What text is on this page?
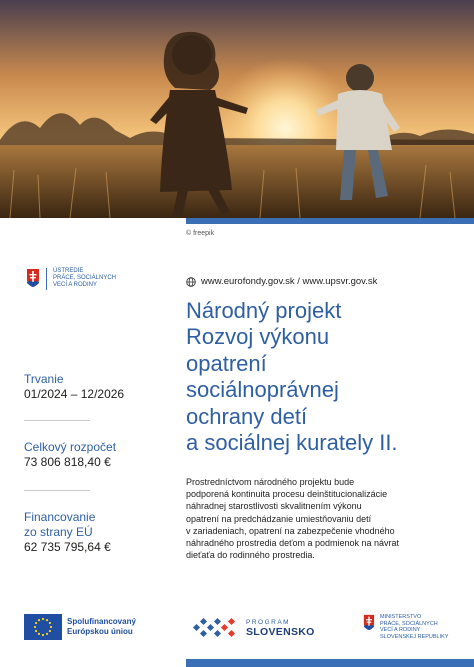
© freepik
ÚSTREDIE
PRÁCE, SOCIÁLNYCH
VECÍ A RODINY	www.eurofondy.gov.sk / www.upsvr.gov.sk
Národný projekt
Rozvoj výkonu
opatrení
sociálnoprávnej
ochrany detí
a sociálnej kurately II.
Trvanie
01/2024 – 12/2026
Celkový rozpočet
73 806 818,40 €
Financovanie
zo strany EÚ
62 735 795,64 €
Prostredníctvom národného projektu bude
podporená kontinuita procesu deinštitucionalizácie
náhradnej starostlivosti skvalitnením výkonu
opatrení na predchádzanie umiestňovaniu detí
v zariadeniach, opatrení na zabezpečenie vhodného
náhradného prostredia deťom a podmienok na návrat
dieťaťa do rodinného prostredia.
Spolufinancovaný
Európskou úniou
PROGRAM
SLOVENSKO
MINISTERSTVO
PRÁCE, SOCIÁLNYCH
VECÍ A RODINY
SLOVENSKEJ REPUBLIKY
